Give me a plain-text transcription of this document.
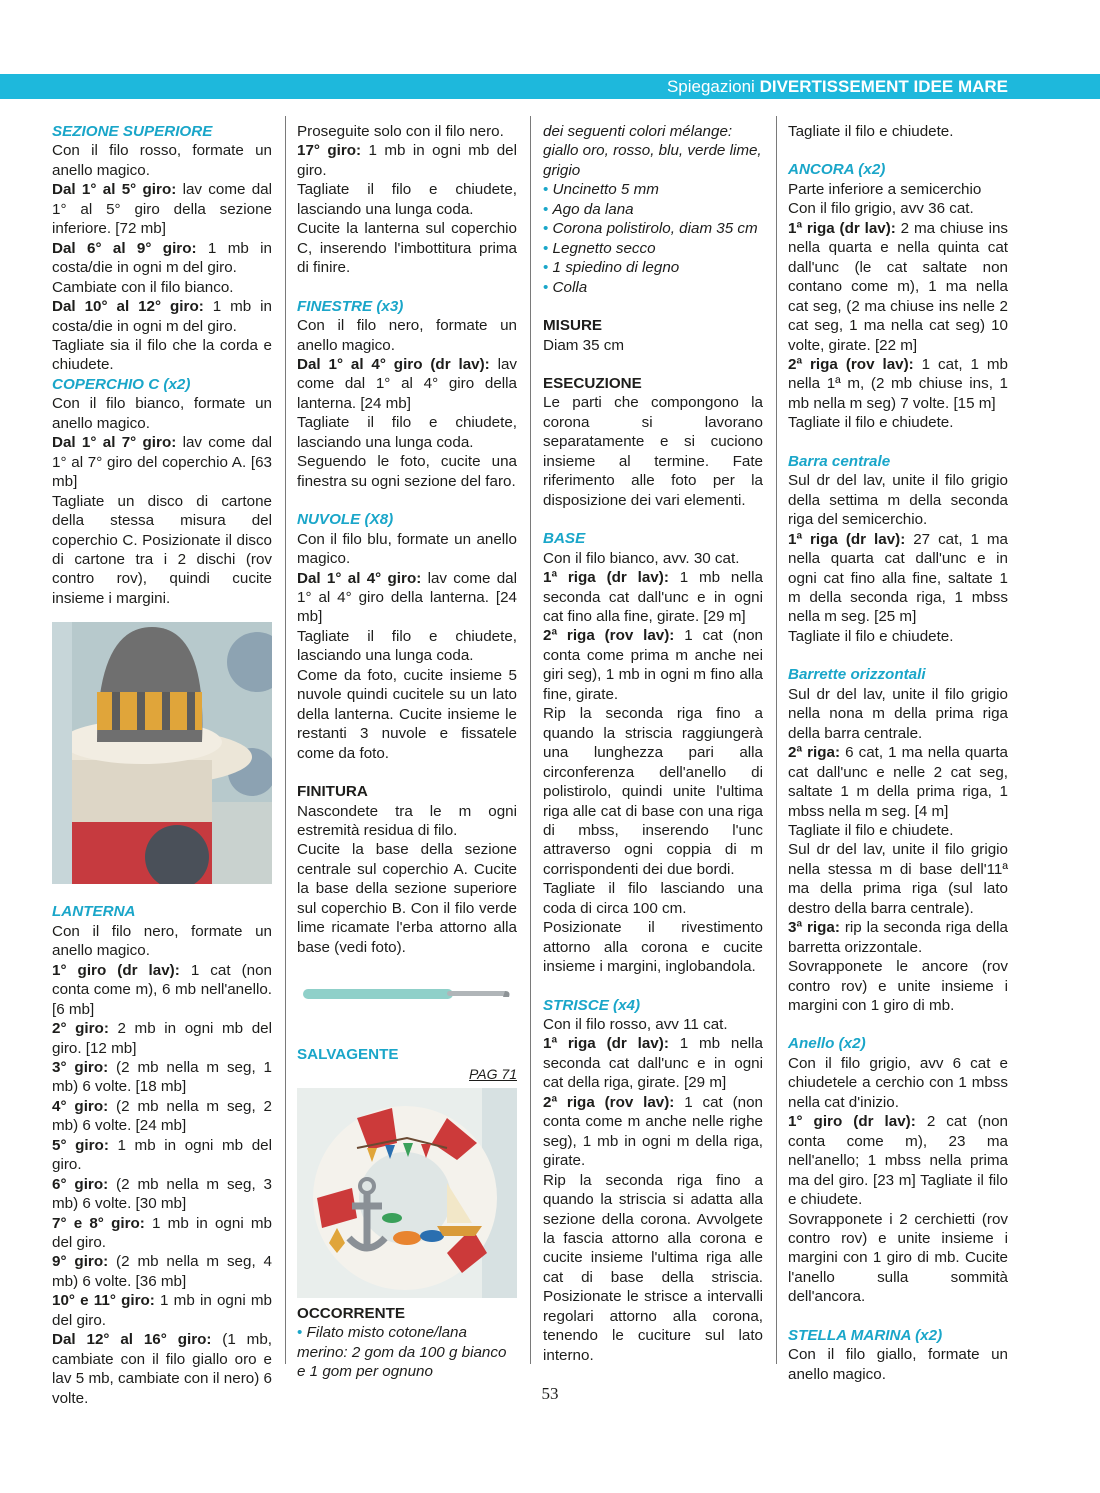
Spiegazioni DIVERTISSEMENT IDEE MARE

SEZIONE SUPERIORE

Con il filo rosso, formate un anello magico.

Dal 1° al 5° giro: lav come dal 1° al 5° giro della sezione inferiore. [72 mb]

Dal 6° al 9° giro: 1 mb in costa/die in ogni m del giro.

Cambiate con il filo bianco.

Dal 10° al 12° giro: 1 mb in costa/die in ogni m del giro.

Tagliate sia il filo che la corda e chiudete.

COPERCHIO C (x2)

Con il filo bianco, formate un anello magico.

Dal 1° al 7° giro: lav come dal 1° al 7° giro del coperchio A. [63 mb]

Tagliate un disco di cartone della stessa misura del coperchio C. Posizionate il disco di cartone tra i 2 dischi (rov contro rov), quindi cucite insieme i margini.

LANTERNA

Con il filo nero, formate un anello magico.

1° giro (dr lav): 1 cat (non conta come m), 6 mb nell'anello. [6 mb]

2° giro: 2 mb in ogni mb del giro. [12 mb]

3° giro: (2 mb nella m seg, 1 mb) 6 volte. [18 mb]

4° giro: (2 mb nella m seg, 2 mb) 6 volte. [24 mb]

5° giro: 1 mb in ogni mb del giro.

6° giro: (2 mb nella m seg, 3 mb) 6 volte. [30 mb]

7° e 8° giro: 1 mb in ogni mb del giro.

9° giro: (2 mb nella m seg, 4 mb) 6 volte. [36 mb]

10° e 11° giro: 1 mb in ogni mb del giro.

Dal 12° al 16° giro: (1 mb, cambiate con il filo giallo oro e lav 5 mb, cambiate con il nero) 6 volte.

Proseguite solo con il filo nero.

17° giro: 1 mb in ogni mb del giro.

Tagliate il filo e chiudete, lasciando una lunga coda.

Cucite la lanterna sul coperchio C, inserendo l'imbottitura prima di finire.

FINESTRE (x3)

Con il filo nero, formate un anello magico.

Dal 1° al 4° giro (dr lav): lav come dal 1° al 4° giro della lanterna. [24 mb]

Tagliate il filo e chiudete, lasciando una lunga coda.

Seguendo le foto, cucite una finestra su ogni sezione del faro.

NUVOLE (X8)

Con il filo blu, formate un anello magico.

Dal 1° al 4° giro: lav come dal 1° al 4° giro della lanterna. [24 mb]

Tagliate il filo e chiudete, lasciando una lunga coda.

Come da foto, cucite insieme 5 nuvole quindi cucitele su un lato della lanterna. Cucite insieme le restanti 3 nuvole e fissatele come da foto.

FINITURA

Nascondete tra le m ogni estremità residua di filo.

Cucite la base della sezione centrale sul coperchio A. Cucite la base della sezione superiore sul coperchio B. Con il filo verde lime ricamate l'erba attorno alla base (vedi foto).

SALVAGENTE

PAG 71

OCCORRENTE

• Filato misto cotone/lana merino: 2 gom da 100 g bianco e 1 gom per ognuno

dei seguenti colori mélange: giallo oro, rosso, blu, verde lime, grigio

• Uncinetto 5 mm

• Ago da lana

• Corona polistirolo, diam 35 cm

• Legnetto secco

• 1 spiedino di legno

• Colla

MISURE

Diam 35 cm

ESECUZIONE

Le parti che compongono la corona si lavorano separatamente e si cuciono insieme al termine. Fate riferimento alle foto per la disposizione dei vari elementi.

BASE

Con il filo bianco, avv. 30 cat.

1ª riga (dr lav): 1 mb nella seconda cat dall'unc e in ogni cat fino alla fine, girate. [29 m]

2ª riga (rov lav): 1 cat (non conta come prima m anche nei giri seg), 1 mb in ogni m fino alla fine, girate.

Rip la seconda riga fino a quando la striscia raggiungerà una lunghezza pari alla circonferenza dell'anello di polistirolo, quindi unite l'ultima riga alle cat di base con una riga di mbss, inserendo l'unc attraverso ogni coppia di m corrispondenti dei due bordi.

Tagliate il filo lasciando una coda di circa 100 cm.

Posizionate il rivestimento attorno alla corona e cucite insieme i margini, inglobandola.

STRISCE (x4)

Con il filo rosso, avv 11 cat.

1ª riga (dr lav): 1 mb nella seconda cat dall'unc e in ogni cat della riga, girate. [29 m]

2ª riga (rov lav): 1 cat (non conta come m anche nelle righe seg), 1 mb in ogni m della riga, girate.

Rip la seconda riga fino a quando la striscia si adatta alla sezione della corona. Avvolgete la fascia attorno alla corona e cucite insieme l'ultima riga alle cat di base della striscia. Posizionate le strisce a intervalli regolari attorno alla corona, tenendo le cuciture sul lato interno.

Tagliate il filo e chiudete.

ANCORA (x2)

Parte inferiore a semicerchio

Con il filo grigio, avv 36 cat.

1ª riga (dr lav): 2 ma chiuse ins nella quarta e nella quinta cat dall'unc (le cat saltate non contano come m), 1 ma nella cat seg, (2 ma chiuse ins nelle 2 cat seg, 1 ma nella cat seg) 10 volte, girate. [22 m]

2ª riga (rov lav): 1 cat, 1 mb nella 1ª m, (2 mb chiuse ins, 1 mb nella m seg) 7 volte. [15 m]

Tagliate il filo e chiudete.

Barra centrale

Sul dr del lav, unite il filo grigio della settima m della seconda riga del semicerchio.

1ª riga (dr lav): 27 cat, 1 ma nella quarta cat dall'unc e in ogni cat fino alla fine, saltate 1 m della seconda riga, 1 mbss nella m seg. [25 m]

Tagliate il filo e chiudete.

Barrette orizzontali

Sul dr del lav, unite il filo grigio nella nona m della prima riga della barra centrale.

2ª riga: 6 cat, 1 ma nella quarta cat dall'unc e nelle 2 cat seg, saltate 1 m della prima riga, 1 mbss nella m seg. [4 m]

Tagliate il filo e chiudete.

Sul dr del lav, unite il filo grigio nella stessa m di base dell'11ª ma della prima riga (sul lato destro della barra centrale).

3ª riga: rip la seconda riga della barretta orizzontale.

Sovrapponete le ancore (rov contro rov) e unite insieme i margini con 1 giro di mb.

Anello (x2)

Con il filo grigio, avv 6 cat e chiudetele a cerchio con 1 mbss nella cat d'inizio.

1° giro (dr lav): 2 cat (non conta come m), 23 ma nell'anello; 1 mbss nella prima ma del giro. [23 m] Tagliate il filo e chiudete.

Sovrapponete i 2 cerchietti (rov contro rov) e unite insieme i margini con 1 giro di mb. Cucite l'anello sulla sommità dell'ancora.

STELLA MARINA (x2)

Con il filo giallo, formate un anello magico.

53
